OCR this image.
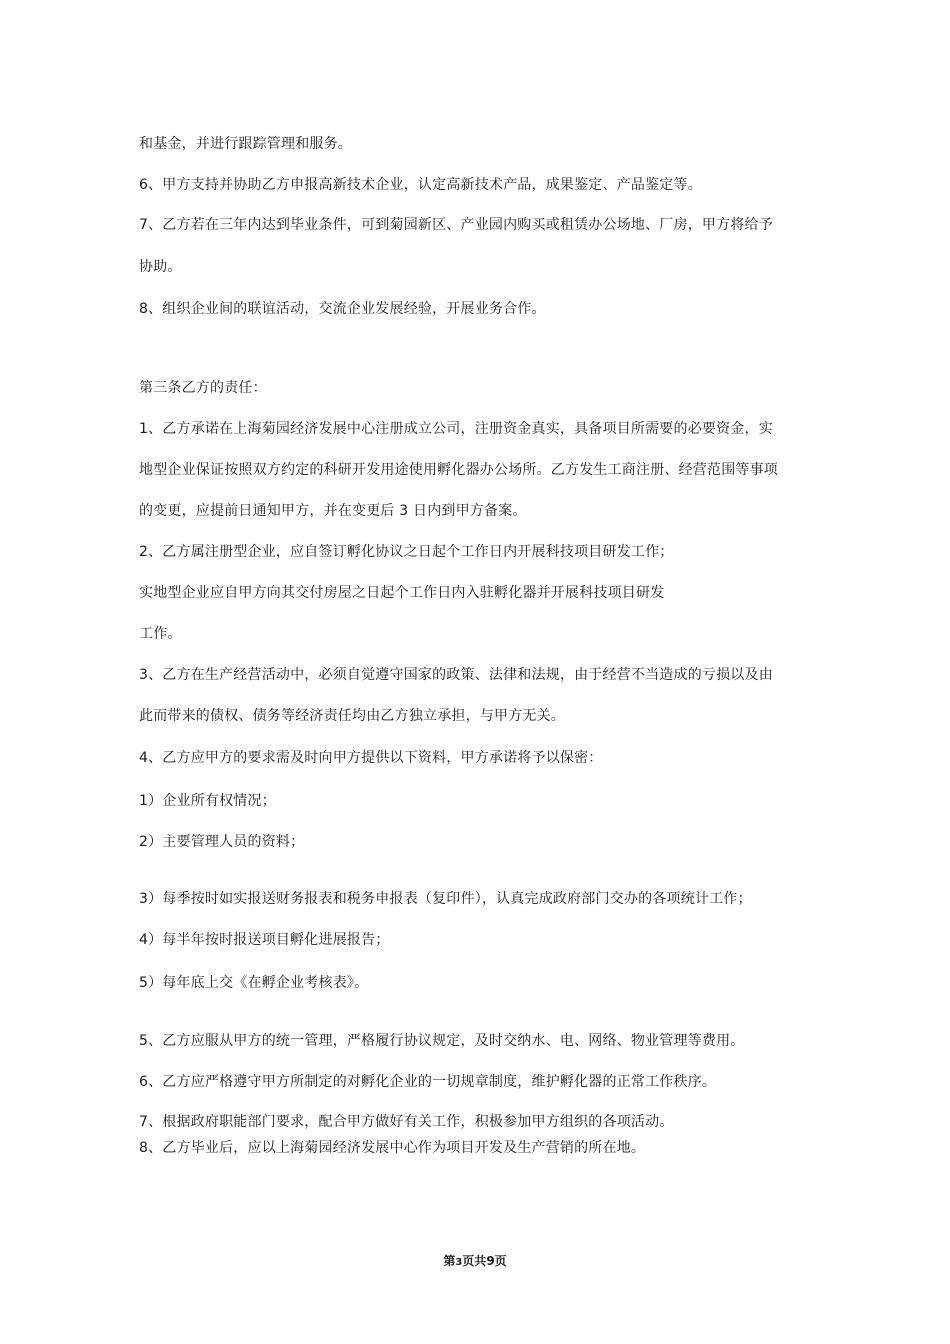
和基金，并进行跟踪管理和服务。
6、甲方支持并协助乙方申报高新技术企业，认定高新技术产品，成果鉴定、产品鉴定等。
7、乙方若在三年内达到毕业条件，可到菊园新区、产业园内购买或租赁办公场地、厂房，甲方将给予
协助。
8、组织企业间的联谊活动，交流企业发展经验，开展业务合作。
第三条乙方的责任：
1、乙方承诺在上海菊园经济发展中心注册成立公司，注册资金真实，具备项目所需要的必要资金，实
地型企业保证按照双方约定的科研开发用途使用孵化器办公场所。乙方发生工商注册、经营范围等事项
的变更，应提前日通知甲方，并在变更后 3 日内到甲方备案。
2、乙方属注册型企业，应自签订孵化协议之日起个工作日内开展科技项目研发工作；
实地型企业应自甲方向其交付房屋之日起个工作日内入驻孵化器并开展科技项目研发
工作。
3、乙方在生产经营活动中，必须自觉遵守国家的政策、法律和法规，由于经营不当造成的亏损以及由
此而带来的债权、债务等经济责任均由乙方独立承担，与甲方无关。
4、乙方应甲方的要求需及时向甲方提供以下资料，甲方承诺将予以保密：
1）企业所有权情况；
2）主要管理人员的资料；
3）每季按时如实报送财务报表和税务申报表（复印件），认真完成政府部门交办的各项统计工作；
4）每半年按时报送项目孵化进展报告；
5）每年底上交《在孵企业考核表》。
5、乙方应服从甲方的统一管理，严格履行协议规定，及时交纳水、电、网络、物业管理等费用。
6、乙方应严格遵守甲方所制定的对孵化企业的一切规章制度，维护孵化器的正常工作秩序。
7、根据政府职能部门要求，配合甲方做好有关工作，积极参加甲方组织的各项活动。
8、乙方毕业后，应以上海菊园经济发展中心作为项目开发及生产营销的所在地。
第3页共9页
